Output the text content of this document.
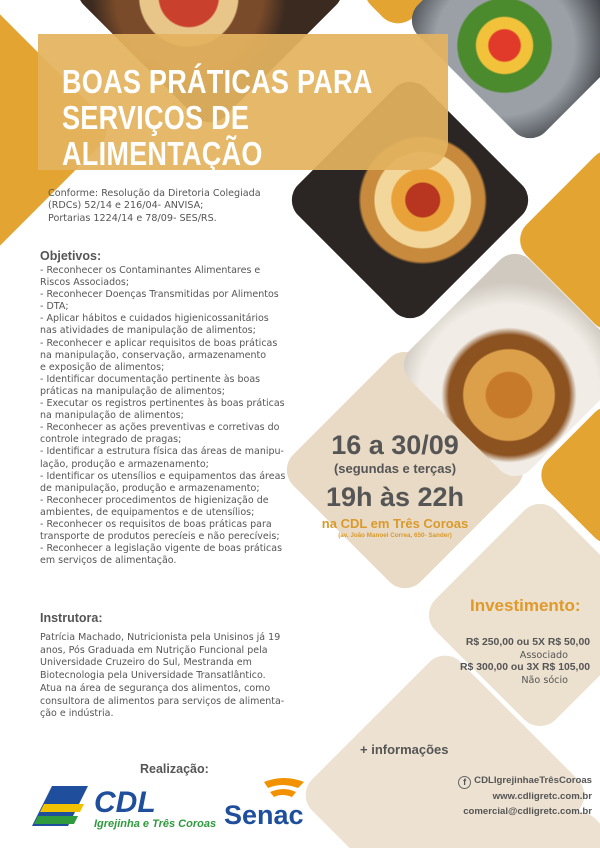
BOAS PRÁTICAS PARA
SERVIÇOS DE ALIMENTAÇÃO
Conforme: Resolução da Diretoria Colegiada
(RDCs) 52/14 e 216/04- ANVISA;
Portarias 1224/14 e 78/09- SES/RS.
Objetivos:
- Reconhecer os Contaminantes Alimentares e
Riscos Associados;
- Reconhecer Doenças Transmitidas por Alimentos
- DTA;
- Aplicar hábitos e cuidados higienicossanitários
nas atividades de manipulação de alimentos;
- Reconhecer e aplicar requisitos de boas práticas
na manipulação, conservação, armazenamento
e exposição de alimentos;
- Identificar documentação pertinente às boas
práticas na manipulação de alimentos;
- Executar os registros pertinentes às boas práticas
na manipulação de alimentos;
- Reconhecer as ações preventivas e corretivas do
controle integrado de pragas;
- Identificar a estrutura física das áreas de manipu-
lação, produção e armazenamento;
- Identificar os utensílios e equipamentos das áreas
de manipulação, produção e armazenamento;
- Reconhecer procedimentos de higienização de
ambientes, de equipamentos e de utensílios;
- Reconhecer os requisitos de boas práticas para
transporte de produtos perecíeis e não perecíveis;
- Reconhecer a legislação vigente de boas práticas
em serviços de alimentação.
Instrutora:
Patrícia Machado, Nutricionista pela Unisinos já 19
anos, Pós Graduada em Nutrição Funcional pela
Universidade Cruzeiro do Sul, Mestranda em
Biotecnologia pela Universidade Transatlântico.
Atua na área de segurança dos alimentos, como
consultora de alimentos para serviços de alimenta-
ção e indústria.
16 a 30/09
(segundas e terças)
19h às 22h
na CDL em Três Coroas
(av. João Manoel Correa, 650- Sander)
Investimento:
R$ 250,00 ou 5X R$ 50,00
Associado
R$ 300,00 ou 3X R$ 105,00
Não sócio
+ informações
f CDLIgrejinhaeTrêsCoroas
www.cdligretc.com.br
comercial@cdligretc.com.br
Realização:
CDL
Igrejinha e Três Coroas Senac
